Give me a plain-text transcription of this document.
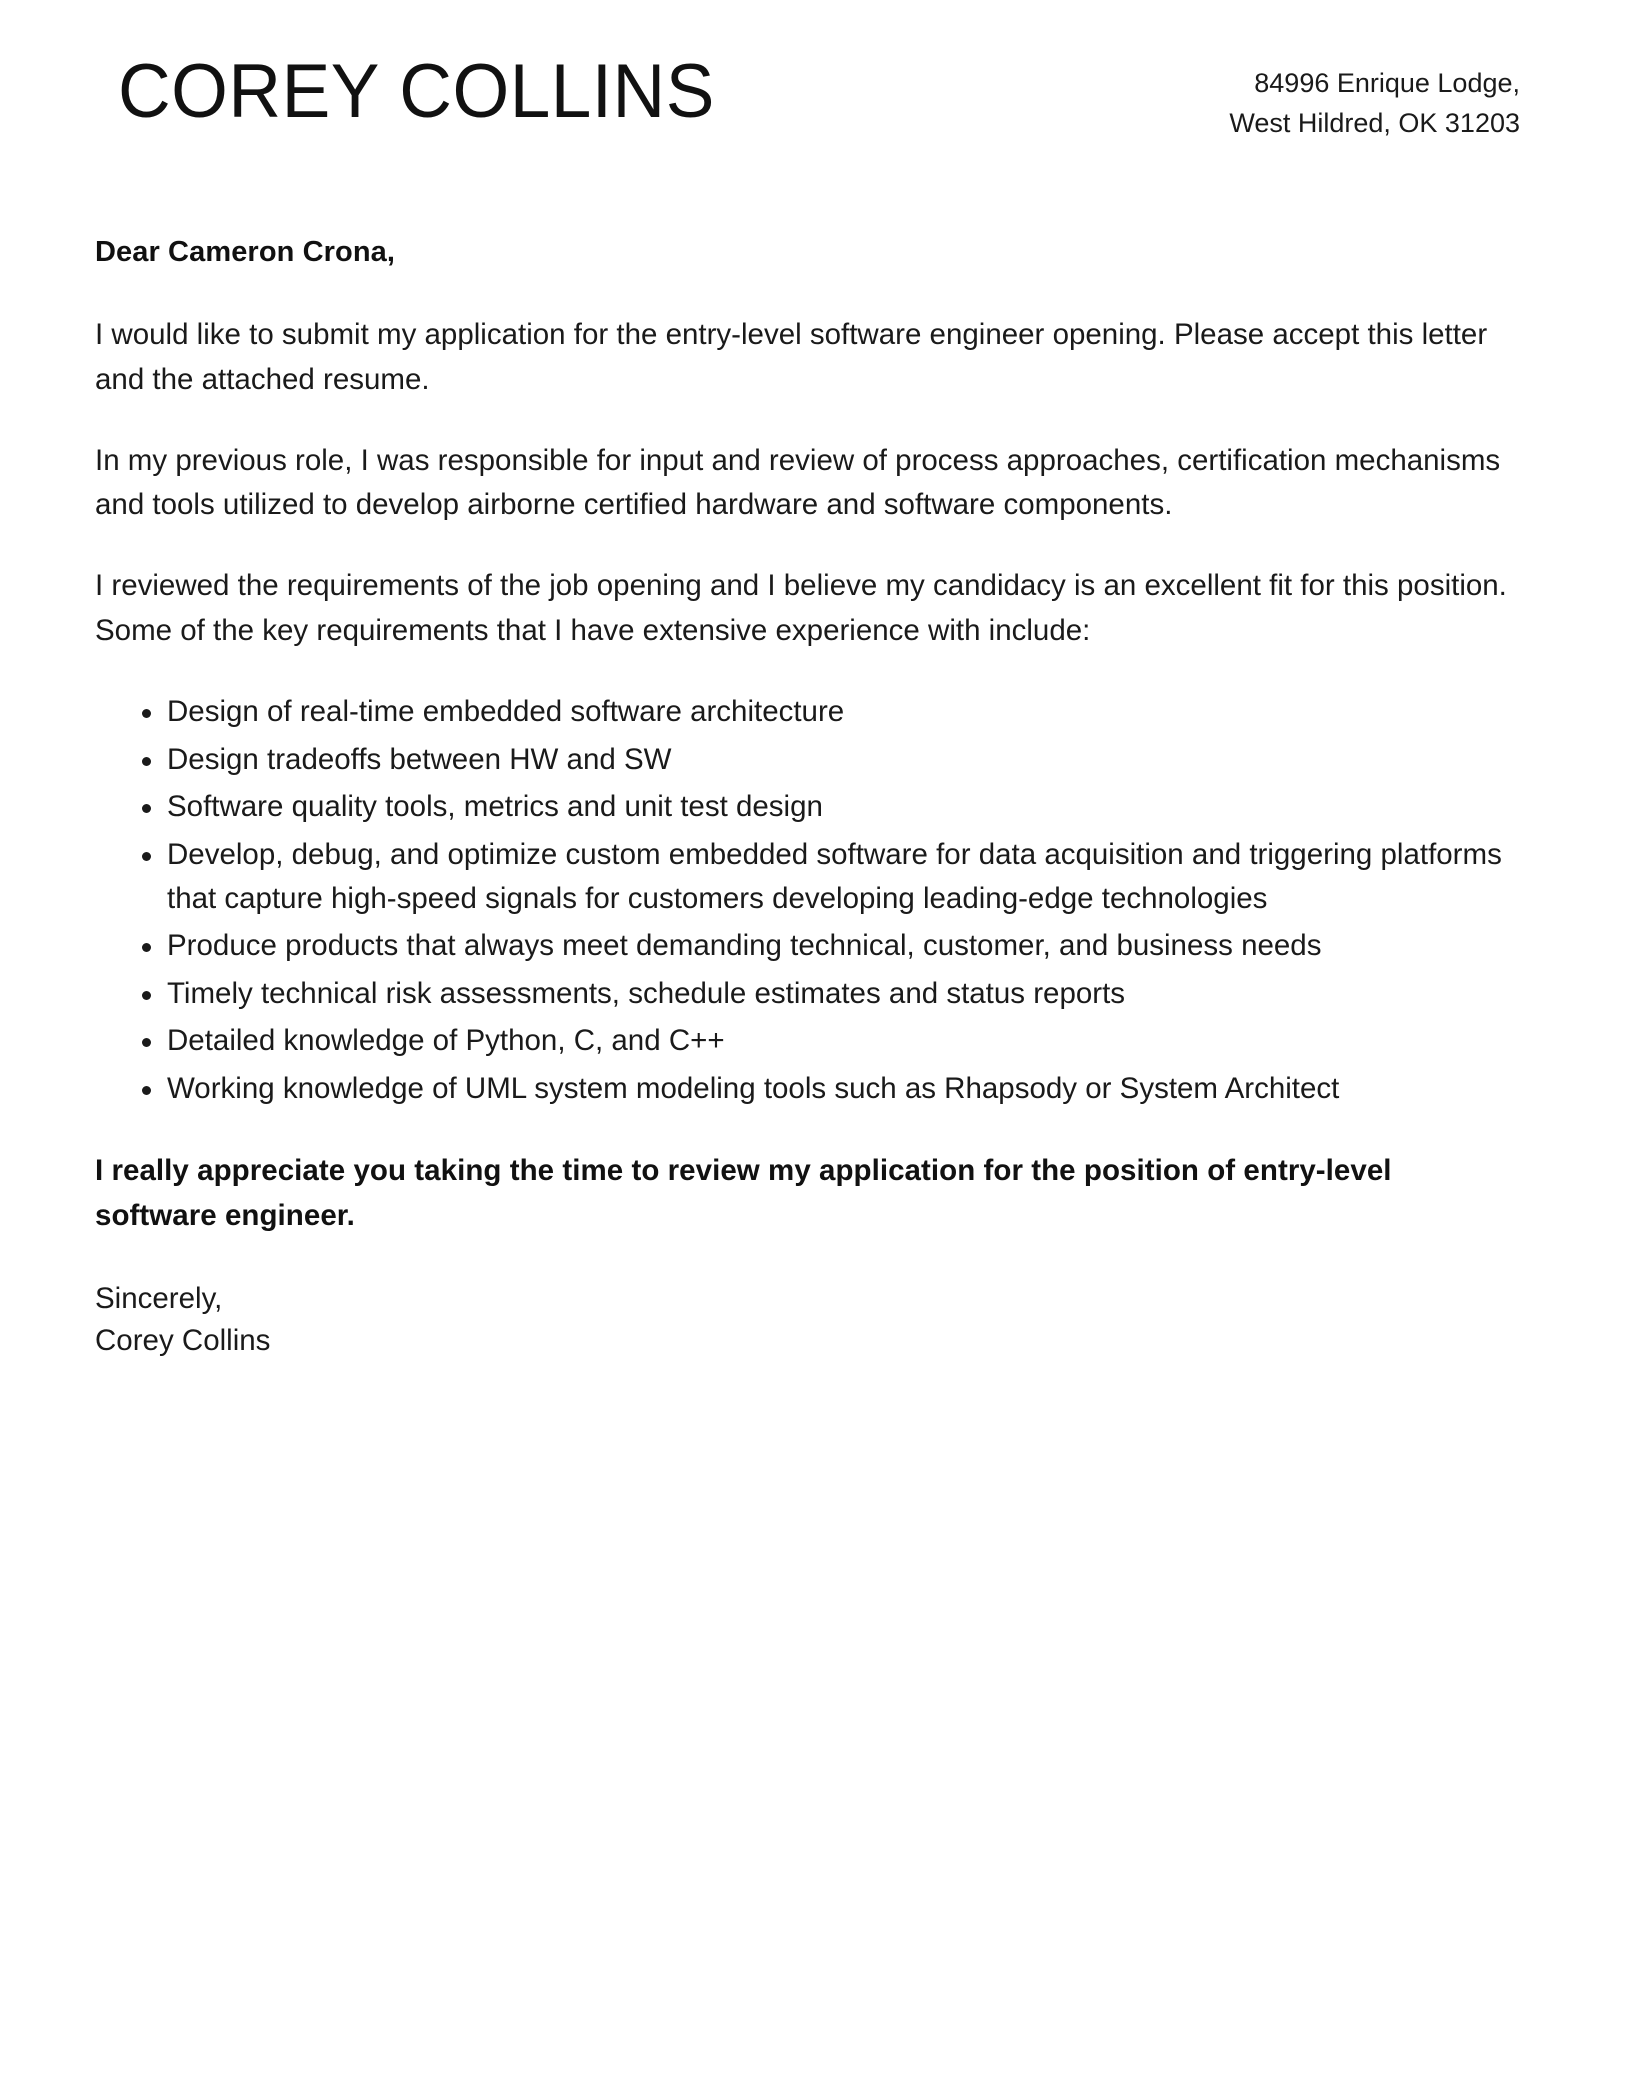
COREY COLLINS	84996 Enrique Lodge,
West Hildred, OK 31203

Dear Cameron Crona,

I would like to submit my application for the entry-level software engineer opening. Please accept this letter and the attached resume.

In my previous role, I was responsible for input and review of process approaches, certification mechanisms and tools utilized to develop airborne certified hardware and software components.

I reviewed the requirements of the job opening and I believe my candidacy is an excellent fit for this position. Some of the key requirements that I have extensive experience with include:

Design of real-time embedded software architecture
Design tradeoffs between HW and SW
Software quality tools, metrics and unit test design
Develop, debug, and optimize custom embedded software for data acquisition and triggering platforms that capture high-speed signals for customers developing leading-edge technologies
Produce products that always meet demanding technical, customer, and business needs
Timely technical risk assessments, schedule estimates and status reports
Detailed knowledge of Python, C, and C++
Working knowledge of UML system modeling tools such as Rhapsody or System Architect

I really appreciate you taking the time to review my application for the position of entry-level software engineer.

Sincerely,
Corey Collins
